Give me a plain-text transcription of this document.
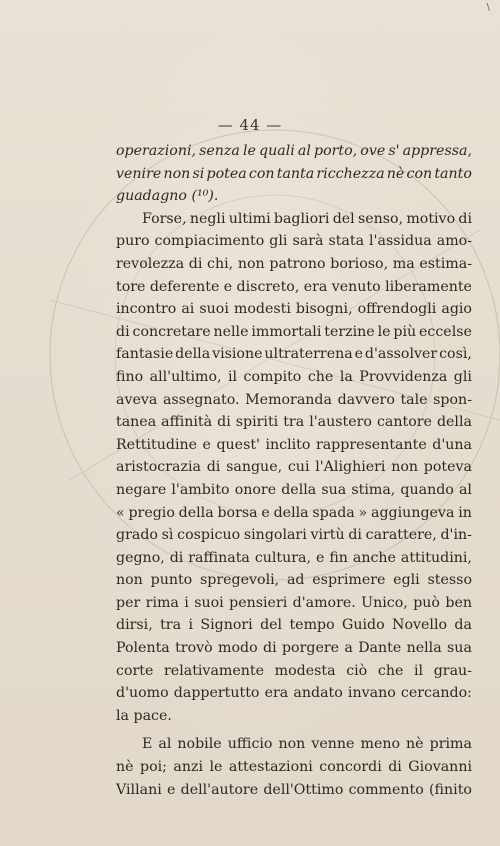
\
— 44 —
operazioni, senza le quali al porto, ove s' appressa,
venire non si potea con tanta ricchezza nè con tanto
guadagno (¹⁰).
Forse, negli ultimi bagliori del senso, motivo di
puro compiacimento gli sarà stata l'assidua amo-
revolezza di chi, non patrono borioso, ma estima-
tore deferente e discreto, era venuto liberamente
incontro ai suoi modesti bisogni, offrendogli agio
di concretare nelle immortali terzine le più eccelse
fantasie della visione ultraterrena e d'assolver così,
fino all'ultimo, il compito che la Provvidenza gli
aveva assegnato. Memoranda davvero tale spon-
tanea affinità di spiriti tra l'austero cantore della
Rettitudine e quest' inclito rappresentante d'una
aristocrazia di sangue, cui l'Alighieri non poteva
negare l'ambito onore della sua stima, quando al
« pregio della borsa e della spada » aggiungeva in
grado sì cospicuo singolari virtù di carattere, d'in-
gegno, di raffinata cultura, e fin anche attitudini,
non punto spregevoli, ad esprimere egli stesso
per rima i suoi pensieri d'amore. Unico, può ben
dirsi, tra i Signori del tempo Guido Novello da
Polenta trovò modo di porgere a Dante nella sua
corte relativamente modesta ciò che il grau-
d'uomo dappertutto era andato invano cercando:
la pace.
E al nobile ufficio non venne meno nè prima
nè poi; anzi le attestazioni concordi di Giovanni
Villani e dell'autore dell'Ottimo commento (finito
